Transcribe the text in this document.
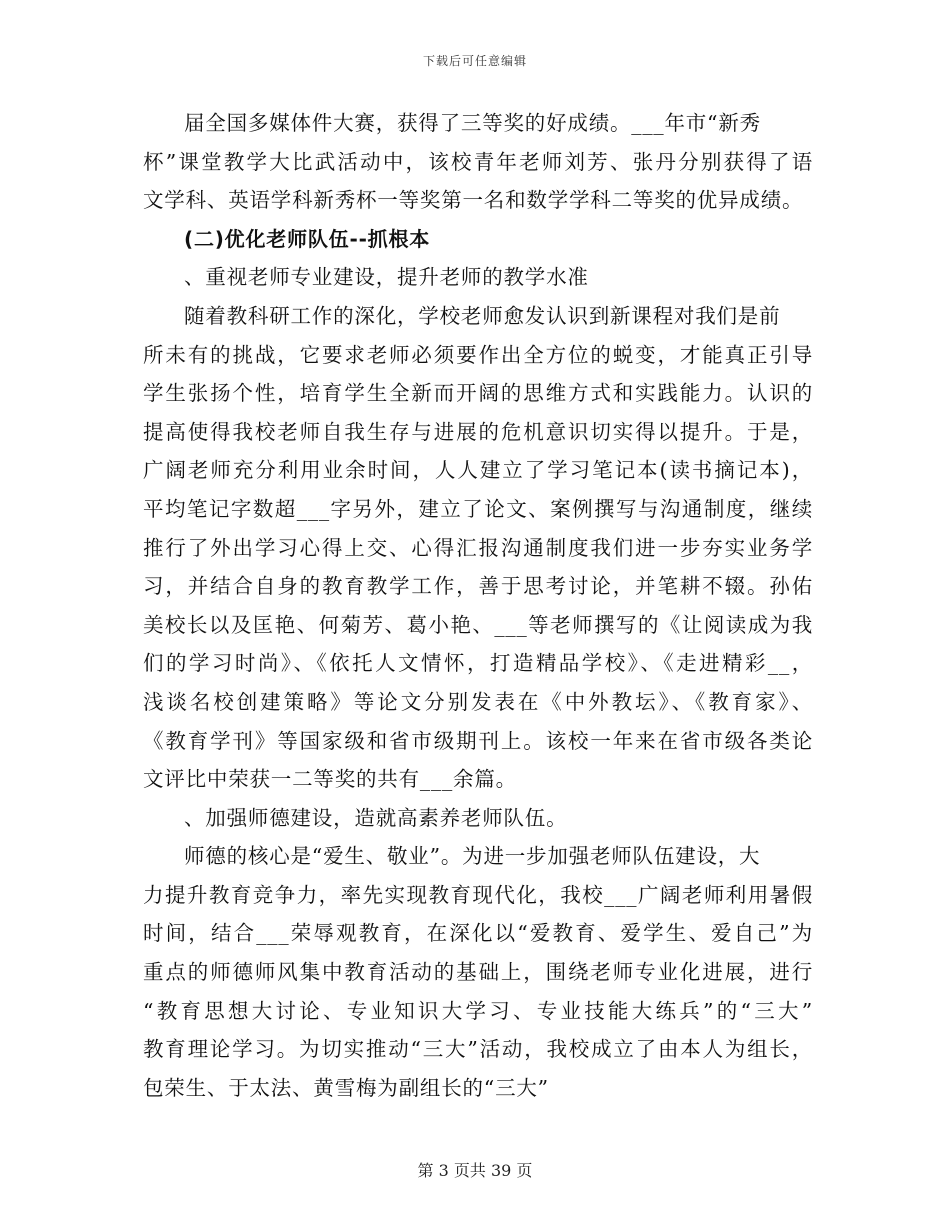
下载后可任意编辑
届全国多媒体件大赛，获得了三等奖的好成绩。___年市“新秀
杯”课堂教学大比武活动中，该校青年老师刘芳、张丹分别获得了语
文学科、英语学科新秀杯一等奖第一名和数学学科二等奖的优异成绩。
(二)优化老师队伍--抓根本
、重视老师专业建设，提升老师的教学水准
随着教科研工作的深化，学校老师愈发认识到新课程对我们是前
所未有的挑战，它要求老师必须要作出全方位的蜕变，才能真正引导
学生张扬个性，培育学生全新而开阔的思维方式和实践能力。认识的
提高使得我校老师自我生存与进展的危机意识切实得以提升。于是，
广阔老师充分利用业余时间，人人建立了学习笔记本(读书摘记本)，
平均笔记字数超___字另外，建立了论文、案例撰写与沟通制度，继续
推行了外出学习心得上交、心得汇报沟通制度我们进一步夯实业务学
习，并结合自身的教育教学工作，善于思考讨论，并笔耕不辍。孙佑
美校长以及匡艳、何菊芳、葛小艳、___等老师撰写的《让阅读成为我
们的学习时尚》、《依托人文情怀，打造精品学校》、《走进精彩__，
浅谈名校创建策略》等论文分别发表在《中外教坛》、《教育家》、
《教育学刊》等国家级和省市级期刊上。该校一年来在省市级各类论
文评比中荣获一二等奖的共有___余篇。
、加强师德建设，造就高素养老师队伍。
师德的核心是“爱生、敬业”。为进一步加强老师队伍建设，大
力提升教育竞争力，率先实现教育现代化，我校___广阔老师利用暑假
时间，结合___荣辱观教育，在深化以“爱教育、爱学生、爱自己”为
重点的师德师风集中教育活动的基础上，围绕老师专业化进展，进行
“教育思想大讨论、专业知识大学习、专业技能大练兵”的“三大”
教育理论学习。为切实推动“三大”活动，我校成立了由本人为组长，
包荣生、于太法、黄雪梅为副组长的“三大”
第 3 页共 39 页
